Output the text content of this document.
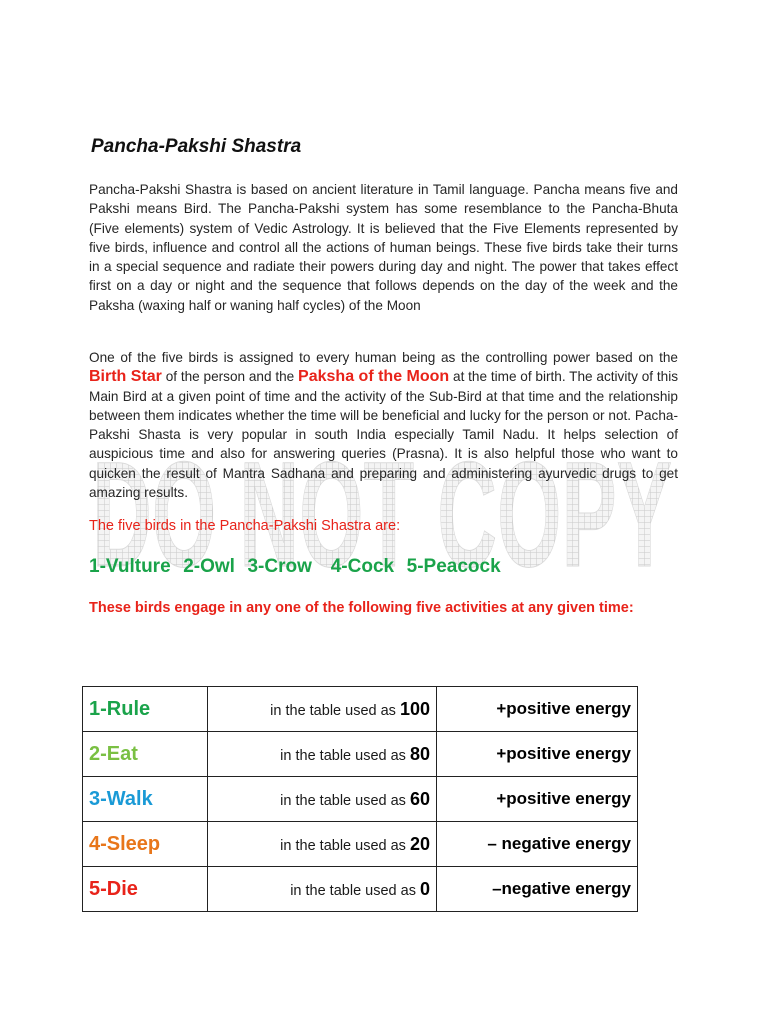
DO NOT COPY
Pancha-Pakshi Shastra
Pancha-Pakshi Shastra is based on ancient literature in Tamil language. Pancha means five and Pakshi means Bird. The Pancha-Pakshi system has some resemblance to the Pancha-Bhuta (Five elements) system of Vedic Astrology. It is believed that the Five Elements represented by five birds, influence and control all the actions of human beings. These five birds take their turns in a special sequence and radiate their powers during day and night. The power that takes effect first on a day or night and the sequence that follows depends on the day of the week and the Paksha (waxing half or waning half cycles) of the Moon
One of the five birds is assigned to every human being as the controlling power based on the Birth Star of the person and the Paksha of the Moon at the time of birth. The activity of this Main Bird at a given point of time and the activity of the Sub-Bird at that time and the relationship between them indicates whether the time will be beneficial and lucky for the person or not. Pacha-Pakshi Shasta is very popular in south India especially Tamil Nadu. It helps selection of auspicious time and also for answering queries (Prasna). It is also helpful those who want to quicken the result of Mantra Sadhana and preparing and administering ayurvedic drugs to get amazing results.
The five birds in the Pancha-Pakshi Shastra are:
1-Vulture  2-Owl  3-Crow   4-Cock  5-Peacock
These birds engage in any one of the following five activities at any given time:
1-Rule	in the table used as 100	+positive energy
2-Eat	in the table used as 80	+positive energy
3-Walk	in the table used as 60	+positive energy
4-Sleep	in the table used as 20	– negative energy
5-Die	in the table used as 0	–negative energy
